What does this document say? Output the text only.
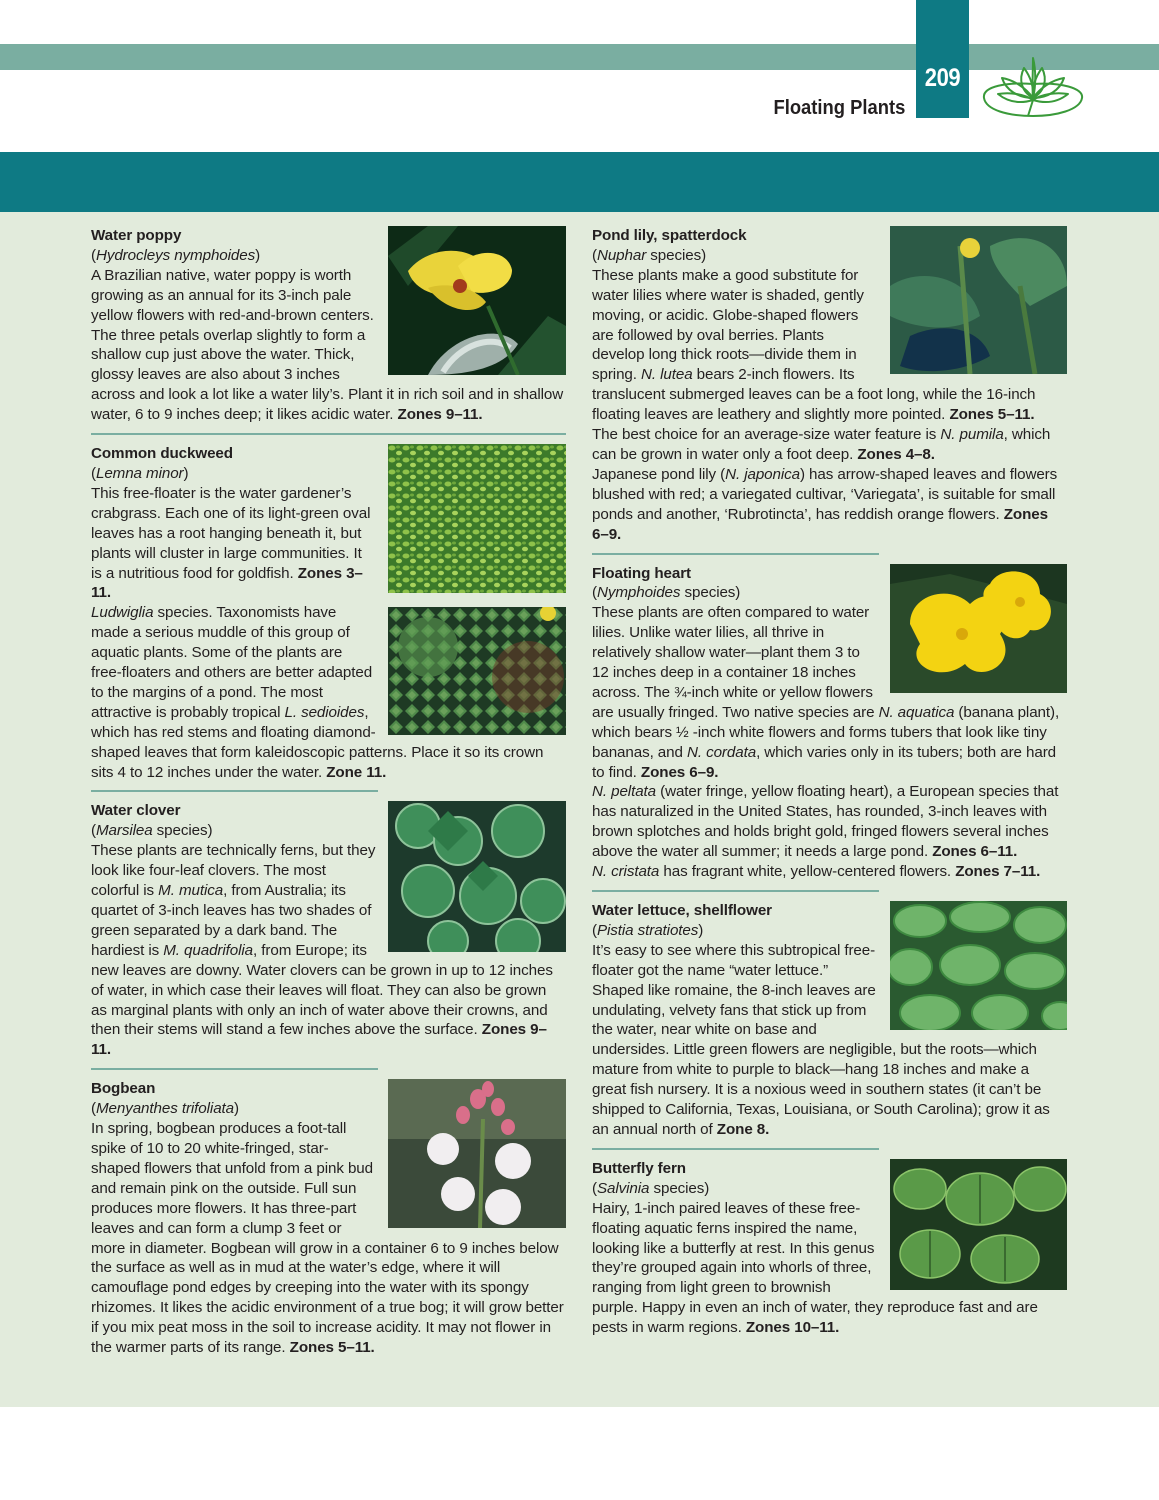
209
Floating Plants

Water poppy

(Hydrocleys nymphoides)

A Brazilian native, water poppy is worth growing as an annual for its 3-inch pale yellow flowers with red-and-brown centers. The three petals overlap slightly to form a shallow cup just above the water. Thick, glossy leaves are also about 3 inches across and look a lot like a water lily’s. Plant it in rich soil and in shallow water, 6 to 9 inches deep; it likes acidic water. Zones 9–11.

Common duckweed

(Lemna minor)

This free-floater is the water gardener’s crabgrass. Each one of its light-green oval leaves has a root hanging beneath it, but plants will cluster in large communities. It is a nutritious food for goldfish. Zones 3–11.

Ludwiglia species. Taxonomists have made a serious muddle of this group of aquatic plants. Some of the plants are free-floaters and others are better adapted to the margins of a pond. The most attractive is probably tropical L. sedioides, which has red stems and floating diamond-shaped leaves that form kaleidoscopic patterns. Place it so its crown sits 4 to 12 inches under the water. Zone 11.

Water clover

(Marsilea species)

These plants are technically ferns, but they look like four-leaf clovers. The most colorful is M. mutica, from Australia; its quartet of 3-inch leaves has two shades of green separated by a dark band. The hardiest is M. quadrifolia, from Europe; its new leaves are downy. Water clovers can be grown in up to 12 inches of water, in which case their leaves will float. They can also be grown as marginal plants with only an inch of water above their crowns, and then their stems will stand a few inches above the surface. Zones 9–11.

Bogbean

(Menyanthes trifoliata)

In spring, bogbean produces a foot-tall spike of 10 to 20 white-fringed, star-shaped flowers that unfold from a pink bud and remain pink on the outside. Full sun produces more flowers. It has three-part leaves and can form a clump 3 feet or more in diameter. Bogbean will grow in a container 6 to 9 inches below the surface as well as in mud at the water’s edge, where it will camouflage pond edges by creeping into the water with its spongy rhizomes. It likes the acidic environment of a true bog; it will grow better if you mix peat moss in the soil to increase acidity. It may not flower in the warmer parts of its range. Zones 5–11.

Pond lily, spatterdock

(Nuphar species)

These plants make a good substitute for water lilies where water is shaded, gently moving, or acidic. Globe-shaped flowers are followed by oval berries. Plants develop long thick roots—divide them in spring. N. lutea bears 2-inch flowers. Its translucent submerged leaves can be a foot long, while the 16-inch floating leaves are leathery and slightly more pointed. Zones 5–11.

The best choice for an average-size water feature is N. pumila, which can be grown in water only a foot deep. Zones 4–8.

Japanese pond lily (N. japonica) has arrow-shaped leaves and flowers blushed with red; a variegated cultivar, ‘Variegata’, is suitable for small ponds and another, ‘Rubrotincta’, has reddish orange flowers. Zones 6–9.

Floating heart

(Nymphoides species)

These plants are often compared to water lilies. Unlike water lilies, all thrive in relatively shallow water—plant them 3 to 12 inches deep in a container 18 inches across. The ¾-inch white or yellow flowers are usually fringed. Two native species are N. aquatica (banana plant), which bears ½ -inch white flowers and forms tubers that look like tiny bananas, and N. cordata, which varies only in its tubers; both are hard to find. Zones 6–9.

N. peltata (water fringe, yellow floating heart), a European species that has naturalized in the United States, has rounded, 3-inch leaves with brown splotches and holds bright gold, fringed flowers several inches above the water all summer; it needs a large pond. Zones 6–11.

N. cristata has fragrant white, yellow-centered flowers. Zones 7–11.

Water lettuce, shellflower

(Pistia stratiotes)

It’s easy to see where this subtropical free-floater got the name “water lettuce.” Shaped like romaine, the 8-inch leaves are undulating, velvety fans that stick up from the water, near white on base and undersides. Little green flowers are negligible, but the roots—which mature from white to purple to black—hang 18 inches and make a great fish nursery. It is a noxious weed in southern states (it can’t be shipped to California, Texas, Louisiana, or South Carolina); grow it as an annual north of Zone 8.

Butterfly fern

(Salvinia species)

Hairy, 1-inch paired leaves of these free-floating aquatic ferns inspired the name, looking like a butterfly at rest. In this genus they’re grouped again into whorls of three, ranging from light green to brownish purple. Happy in even an inch of water, they reproduce fast and are pests in warm regions. Zones 10–11.
